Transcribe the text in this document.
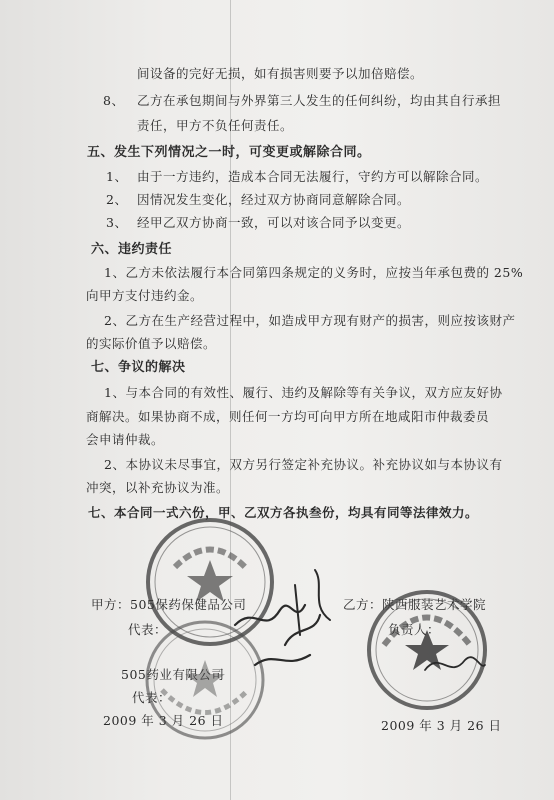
间设备的完好无损，如有损害则要予以加倍赔偿。
8、 乙方在承包期间与外界第三人发生的任何纠纷，均由其自行承担
责任，甲方不负任何责任。
五、发生下列情况之一时，可变更或解除合同。
1、 由于一方违约，造成本合同无法履行，守约方可以解除合同。
2、 因情况发生变化，经过双方协商同意解除合同。
3、 经甲乙双方协商一致，可以对该合同予以变更。
六、违约责任
1、乙方未依法履行本合同第四条规定的义务时，应按当年承包费的 25%
向甲方支付违约金。
2、乙方在生产经营过程中，如造成甲方现有财产的损害，则应按该财产
的实际价值予以赔偿。
七、争议的解决
1、与本合同的有效性、履行、违约及解除等有关争议，双方应友好协
商解决。如果协商不成，则任何一方均可向甲方所在地咸阳市仲裁委员
会申请仲裁。
2、本协议未尽事宜，双方另行签定补充协议。补充协议如与本协议有
冲突，以补充协议为准。
七、本合同一式六份，甲、乙双方各执叁份，均具有同等法律效力。
甲方：505保药保健品公司
代表：
505药业有限公司
代表：
2009 年 3 月 26 日
乙方：陕西服装艺术学院
负责人：
2009 年 3 月 26 日
